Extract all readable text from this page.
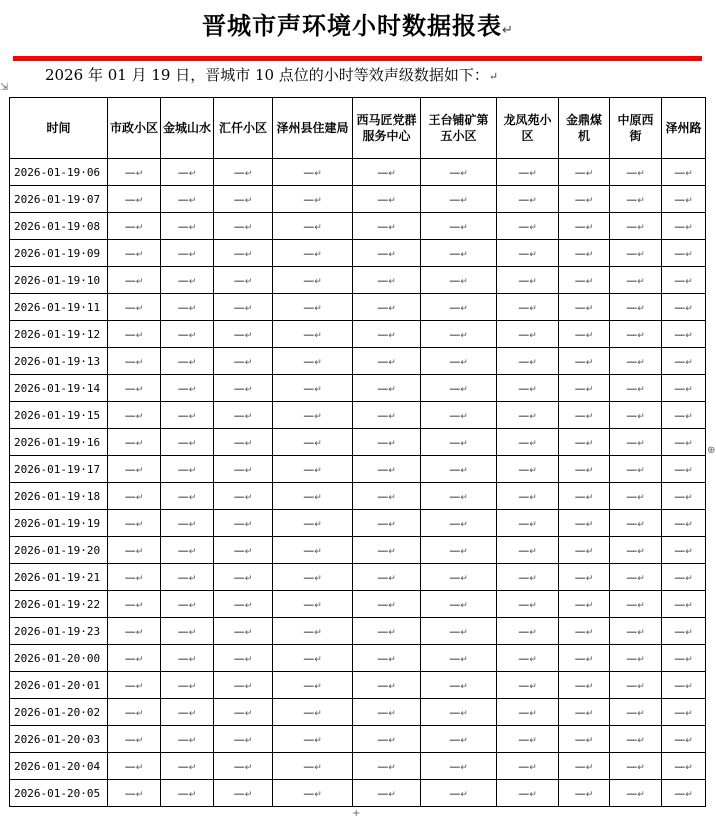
晋城市声环境小时数据报表↵
2026 年 01 月 19 日，晋城市 10 点位的小时等效声级数据如下：↵
⇲
⊕
+
时间	市政小区	金城山水	汇仟小区	泽州县住建局	西马匠党群服务中心	王台铺矿第五小区	龙凤苑小区	金鼎煤机	中原西街	泽州路
2026-01-19·06	—↵	—↵	—↵	—↵	—↵	—↵	—↵	—↵	—↵	—↵
2026-01-19·07	—↵	—↵	—↵	—↵	—↵	—↵	—↵	—↵	—↵	—↵
2026-01-19·08	—↵	—↵	—↵	—↵	—↵	—↵	—↵	—↵	—↵	—↵
2026-01-19·09	—↵	—↵	—↵	—↵	—↵	—↵	—↵	—↵	—↵	—↵
2026-01-19·10	—↵	—↵	—↵	—↵	—↵	—↵	—↵	—↵	—↵	—↵
2026-01-19·11	—↵	—↵	—↵	—↵	—↵	—↵	—↵	—↵	—↵	—↵
2026-01-19·12	—↵	—↵	—↵	—↵	—↵	—↵	—↵	—↵	—↵	—↵
2026-01-19·13	—↵	—↵	—↵	—↵	—↵	—↵	—↵	—↵	—↵	—↵
2026-01-19·14	—↵	—↵	—↵	—↵	—↵	—↵	—↵	—↵	—↵	—↵
2026-01-19·15	—↵	—↵	—↵	—↵	—↵	—↵	—↵	—↵	—↵	—↵
2026-01-19·16	—↵	—↵	—↵	—↵	—↵	—↵	—↵	—↵	—↵	—↵
2026-01-19·17	—↵	—↵	—↵	—↵	—↵	—↵	—↵	—↵	—↵	—↵
2026-01-19·18	—↵	—↵	—↵	—↵	—↵	—↵	—↵	—↵	—↵	—↵
2026-01-19·19	—↵	—↵	—↵	—↵	—↵	—↵	—↵	—↵	—↵	—↵
2026-01-19·20	—↵	—↵	—↵	—↵	—↵	—↵	—↵	—↵	—↵	—↵
2026-01-19·21	—↵	—↵	—↵	—↵	—↵	—↵	—↵	—↵	—↵	—↵
2026-01-19·22	—↵	—↵	—↵	—↵	—↵	—↵	—↵	—↵	—↵	—↵
2026-01-19·23	—↵	—↵	—↵	—↵	—↵	—↵	—↵	—↵	—↵	—↵
2026-01-20·00	—↵	—↵	—↵	—↵	—↵	—↵	—↵	—↵	—↵	—↵
2026-01-20·01	—↵	—↵	—↵	—↵	—↵	—↵	—↵	—↵	—↵	—↵
2026-01-20·02	—↵	—↵	—↵	—↵	—↵	—↵	—↵	—↵	—↵	—↵
2026-01-20·03	—↵	—↵	—↵	—↵	—↵	—↵	—↵	—↵	—↵	—↵
2026-01-20·04	—↵	—↵	—↵	—↵	—↵	—↵	—↵	—↵	—↵	—↵
2026-01-20·05	—↵	—↵	—↵	—↵	—↵	—↵	—↵	—↵	—↵	—↵
